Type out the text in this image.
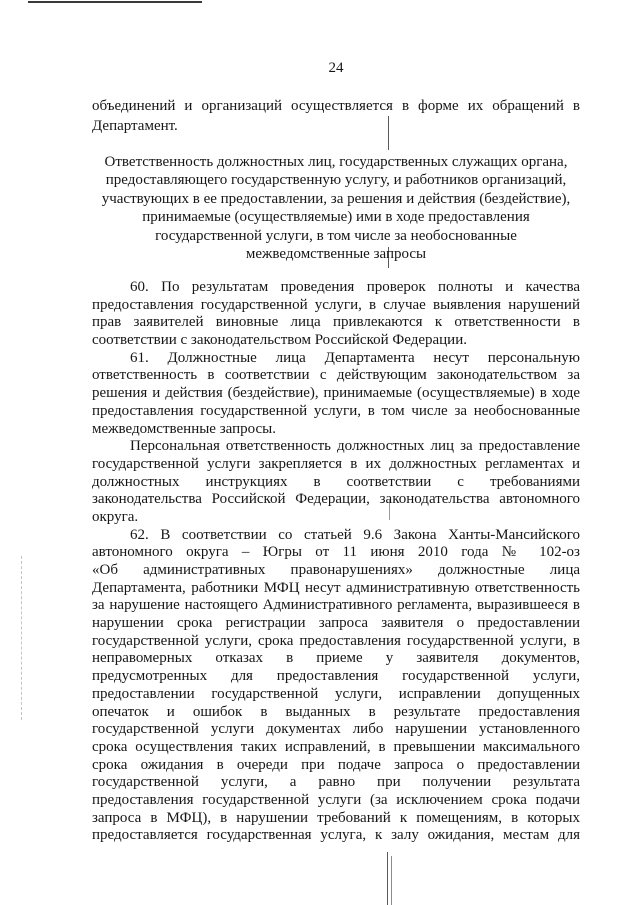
24
объединений и организаций осуществляется в форме их обращений в
Департамент.
Ответственность должностных лиц, государственных служащих органа,
предоставляющего государственную услугу, и работников организаций,
участвующих в ее предоставлении, за решения и действия (бездействие),
принимаемые (осуществляемые) ими в ходе предоставления
государственной услуги, в том числе за необоснованные
межведомственные запросы
60. По результатам проведения проверок полноты и качества
предоставления государственной услуги, в случае выявления нарушений
прав заявителей виновные лица привлекаются к ответственности в
соответствии с законодательством Российской Федерации.
61. Должностные лица Департамента несут персональную
ответственность в соответствии с действующим законодательством за
решения и действия (бездействие), принимаемые (осуществляемые) в ходе
предоставления государственной услуги, в том числе за необоснованные
межведомственные запросы.
Персональная ответственность должностных лиц за предоставление
государственной услуги закрепляется в их должностных регламентах и
должностных инструкциях в соответствии с требованиями
законодательства Российской Федерации, законодательства автономного
округа.
62. В соответствии со статьей 9.6 Закона Ханты-Мансийского
автономного округа – Югры от 11 июня 2010 года № 102-оз
«Об административных правонарушениях» должностные лица
Департамента, работники МФЦ несут административную ответственность
за нарушение настоящего Административного регламента, выразившееся в
нарушении срока регистрации запроса заявителя о предоставлении
государственной услуги, срока предоставления государственной услуги, в
неправомерных отказах в приеме у заявителя документов,
предусмотренных для предоставления государственной услуги,
предоставлении государственной услуги, исправлении допущенных
опечаток и ошибок в выданных в результате предоставления
государственной услуги документах либо нарушении установленного
срока осуществления таких исправлений, в превышении максимального
срока ожидания в очереди при подаче запроса о предоставлении
государственной услуги, а равно при получении результата
предоставления государственной услуги (за исключением срока подачи
запроса в МФЦ), в нарушении требований к помещениям, в которых
предоставляется государственная услуга, к залу ожидания, местам для
